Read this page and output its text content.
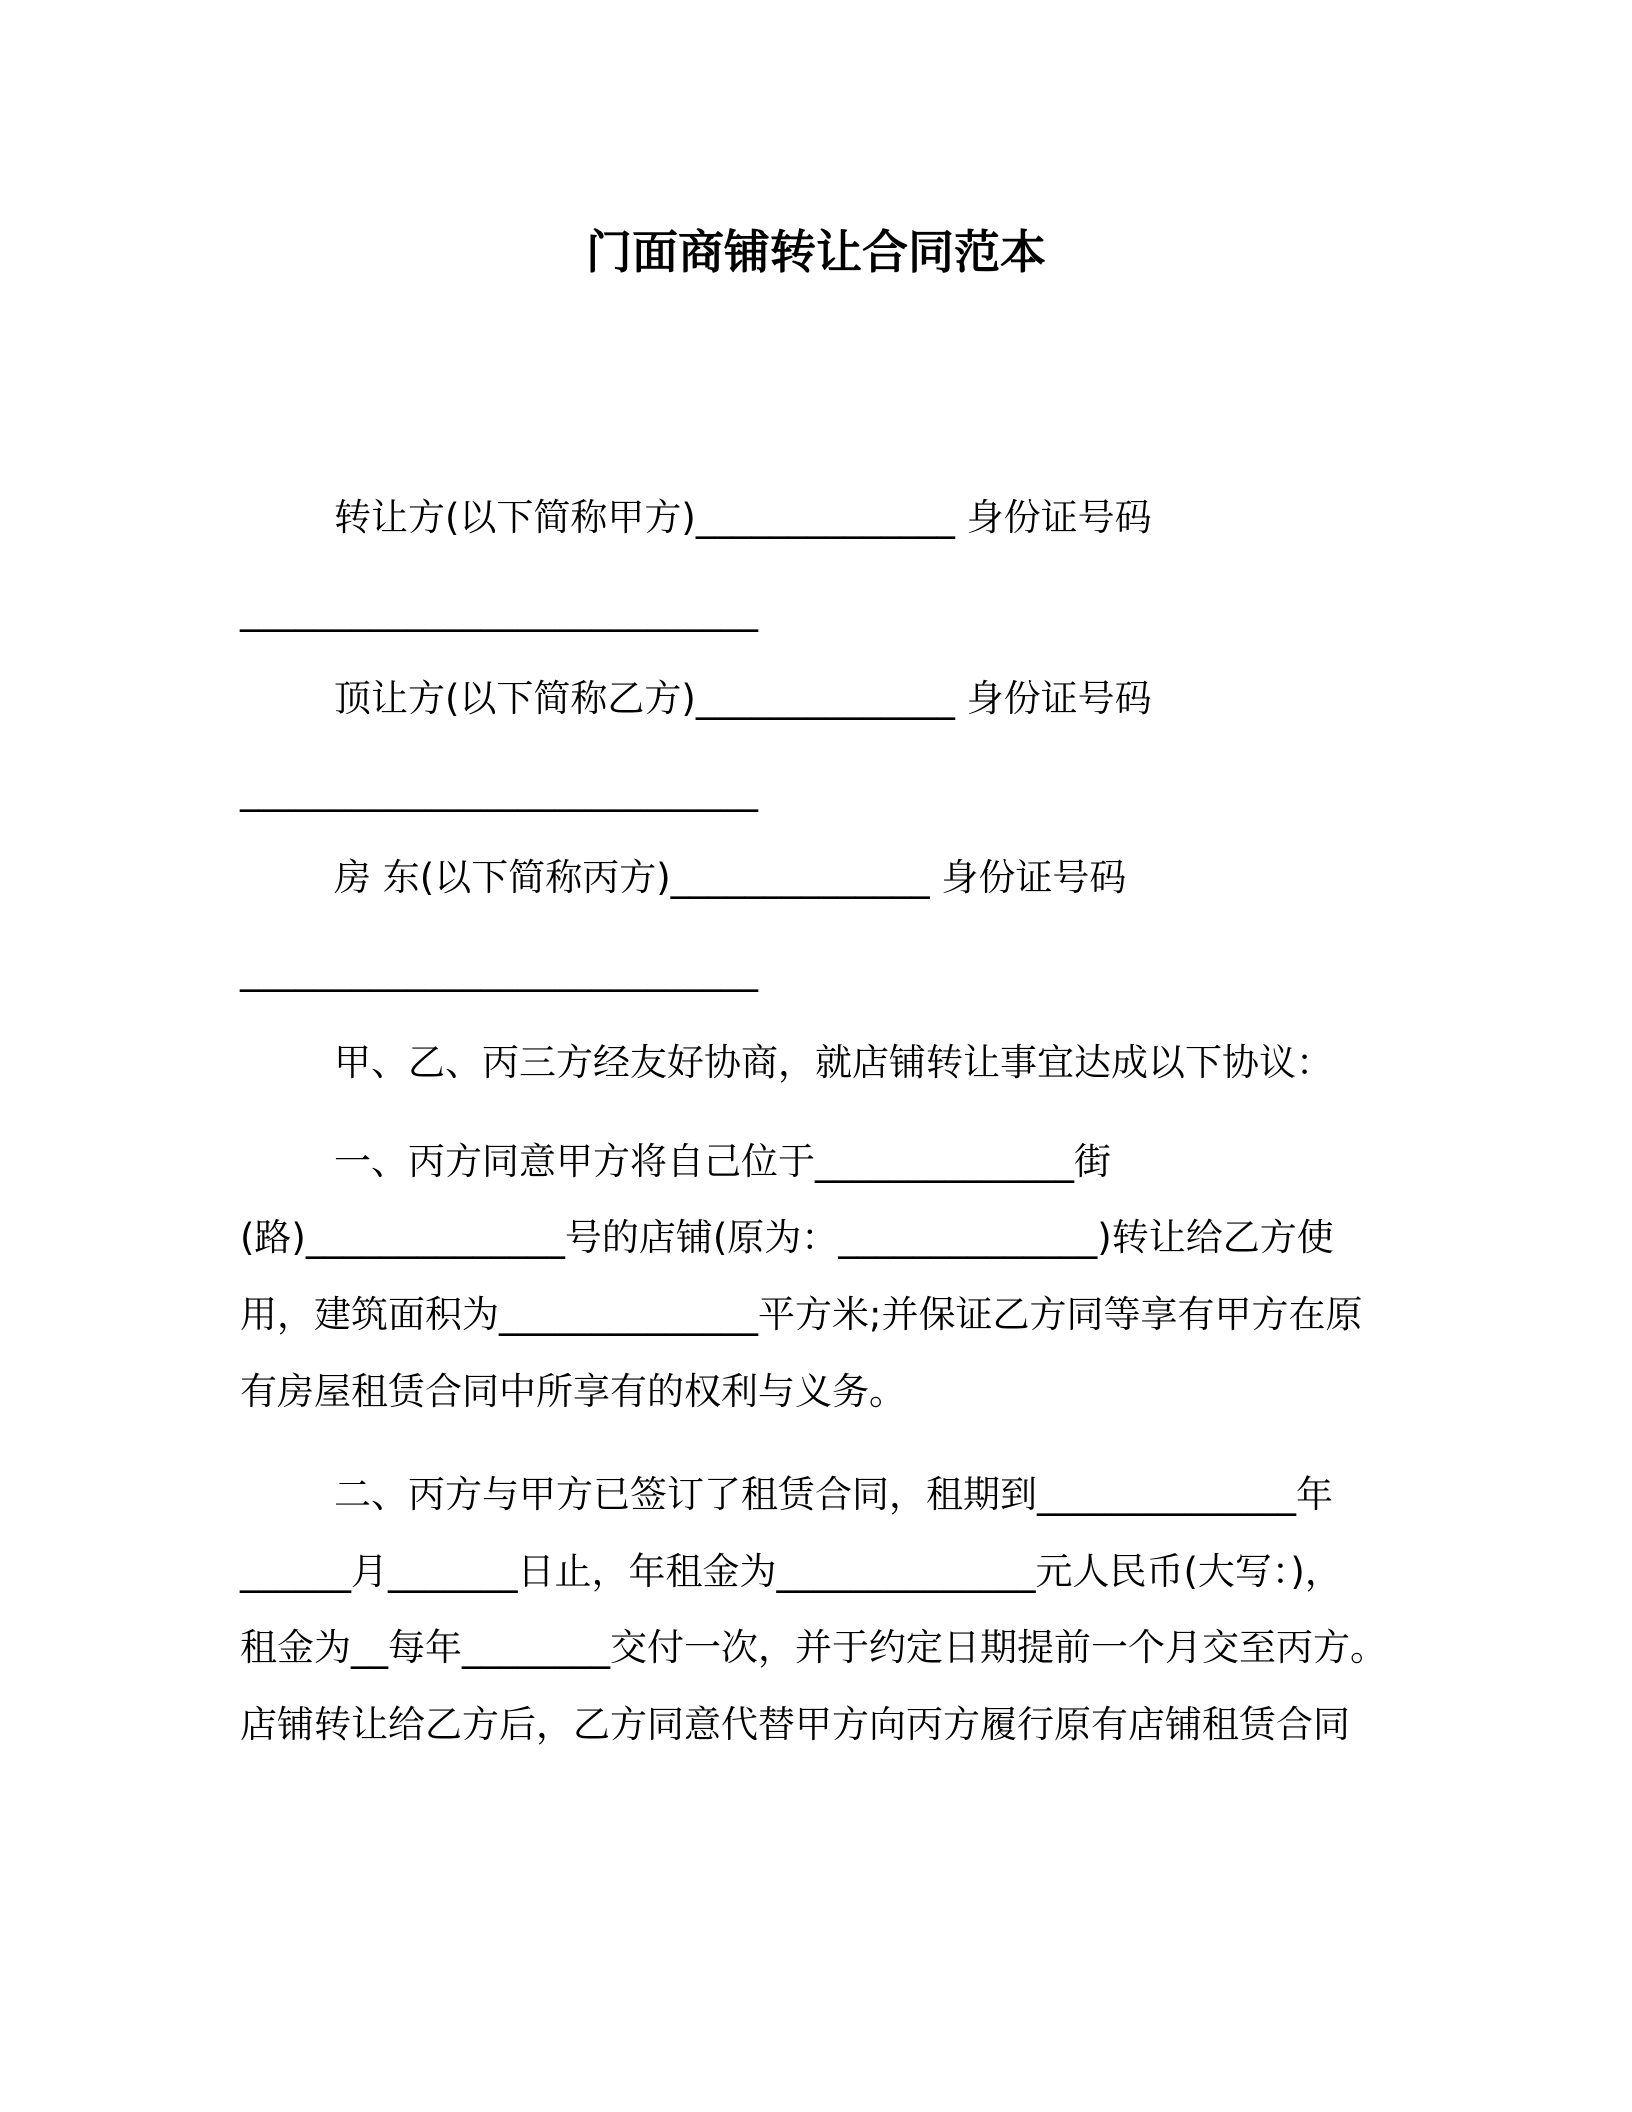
门面商铺转让合同范本
转让方(以下简称甲方)______________ 身份证号码
____________________________
顶让方(以下简称乙方)______________ 身份证号码
____________________________
房 东(以下简称丙方)______________ 身份证号码
____________________________
甲、乙、丙三方经友好协商，就店铺转让事宜达成以下协议：
一、丙方同意甲方将自己位于______________街
(路)______________号的店铺(原为：______________)转让给乙方使
用，建筑面积为______________平方米;并保证乙方同等享有甲方在原
有房屋租赁合同中所享有的权利与义务。
二、丙方与甲方已签订了租赁合同，租期到______________年
______月_______日止，年租金为______________元人民币(大写：)，
租金为__每年________交付一次，并于约定日期提前一个月交至丙方。
店铺转让给乙方后，乙方同意代替甲方向丙方履行原有店铺租赁合同
